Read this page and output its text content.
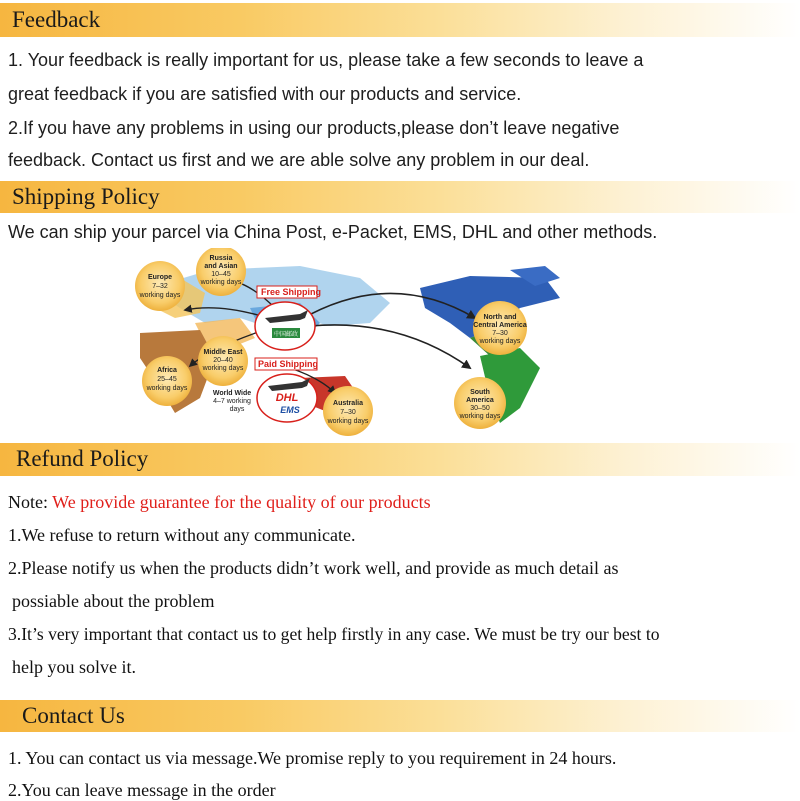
Feedback
1. Your feedback is really important for us, please take a few seconds to leave a
great feedback if you are satisfied with our products and service.
2.If you have any problems in using our products,please don’t leave negative
feedback. Contact us first and we are able solve any problem in our deal.
Shipping Policy
We can ship your parcel via China Post, e-Packet, EMS, DHL and other methods.
Russia
and Asian
10–45
working days
Europe
7–32
working days
Middle East
20–40
working days
Africa
25–45
working days
World Wide
4–7 working
days
Australia
7–30
working days
North and
Central America
7–30
working days
South
America
30–50
working days
Free Shipping
中国邮政
Paid Shipping
DHL
EMS
Refund Policy
Note: We provide guarantee for the quality of our products
1.We refuse to return without any communicate.
2.Please notify us when the products didn’t work well, and provide as much detail as
possiable about the problem
3.It’s very important that contact us to get help firstly in any case. We must be try our best to
help you solve it.
Contact Us
1. You can contact us via message.We promise reply to you requirement in 24 hours.
2.You can leave message in the order
